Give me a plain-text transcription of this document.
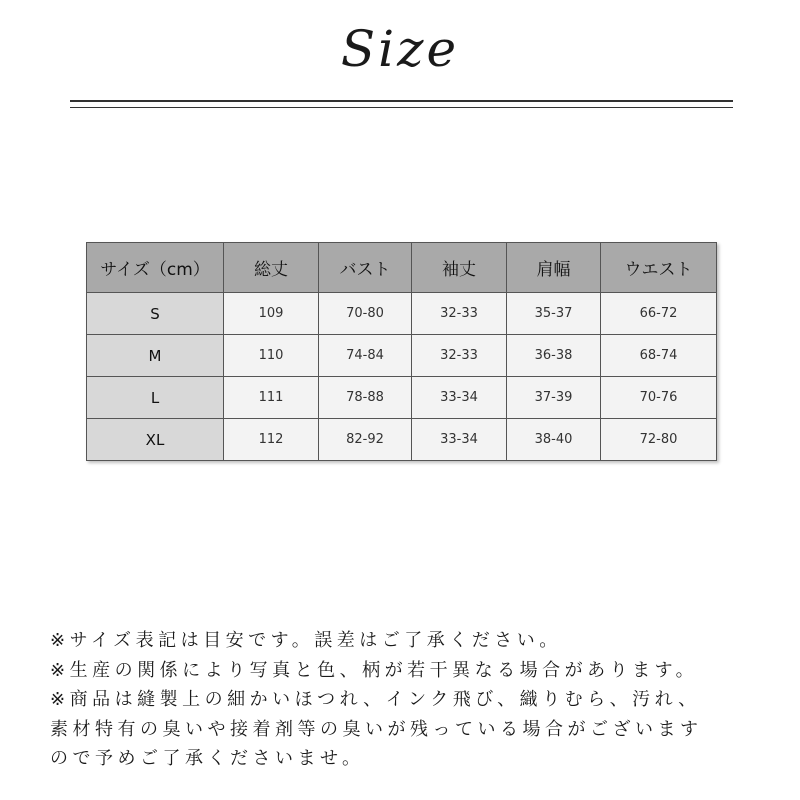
Size
サイズ（cm）	総丈	バスト	袖丈	肩幅	ウエスト
S	109	70-80	32-33	35-37	66-72
M	110	74-84	32-33	36-38	68-74
L	111	78-88	33-34	37-39	70-76
XL	112	82-92	33-34	38-40	72-80
※サイズ表記は目安です。誤差はご了承ください。
※生産の関係により写真と色、柄が若干異なる場合があります。
※商品は縫製上の細かいほつれ、インク飛び、織りむら、汚れ、
素材特有の臭いや接着剤等の臭いが残っている場合がございます
ので予めご了承くださいませ。
